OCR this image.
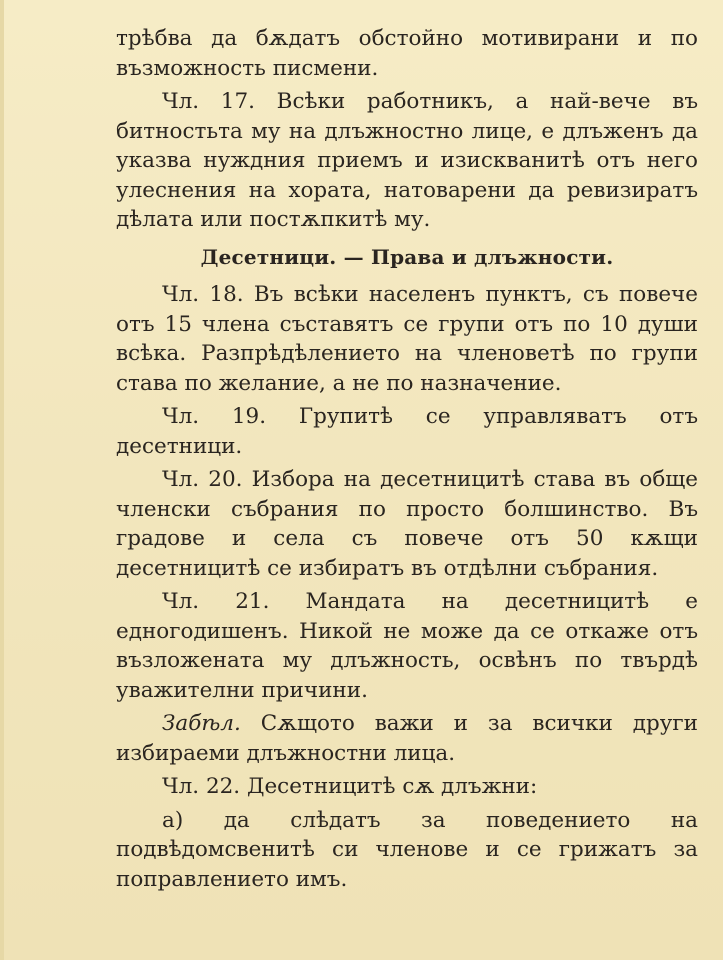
трѣбва да бѫдатъ обстойно мотивирани и по възможность писмени.

Чл. 17. Всѣки работникъ, а най-вече въ битностьта му на длъжностно лице, е длъженъ да указва нуждния приемъ и изискванитѣ отъ него улеснения на хората, натоварени да ревизиратъ дѣлата или постѫпкитѣ му.

Десетници. — Права и длъжности.

Чл. 18. Въ всѣки населенъ пунктъ, съ повече отъ 15 члена съставятъ се групи отъ по 10 души всѣка. Разпрѣдѣлението на членоветѣ по групи става по желание, а не по назначение.

Чл. 19. Групитѣ се управляватъ отъ десетници.

Чл. 20. Избора на десетницитѣ става въ обще членски събрания по просто болшинство. Въ градове и села съ повече отъ 50 кѫщи десетницитѣ се избиратъ въ отдѣлни събрания.

Чл. 21. Мандата на десетницитѣ е едногодишенъ. Никой не може да се откаже отъ възложената му длъжность, освѣнъ по твърдѣ уважителни причини.

Забѣл. Сѫщото важи и за всички други избираеми длъжностни лица.

Чл. 22. Десетницитѣ сѫ длъжни:

а) да слѣдатъ за поведението на подвѣдомсвенитѣ си членове и се грижатъ за поправлението имъ.
